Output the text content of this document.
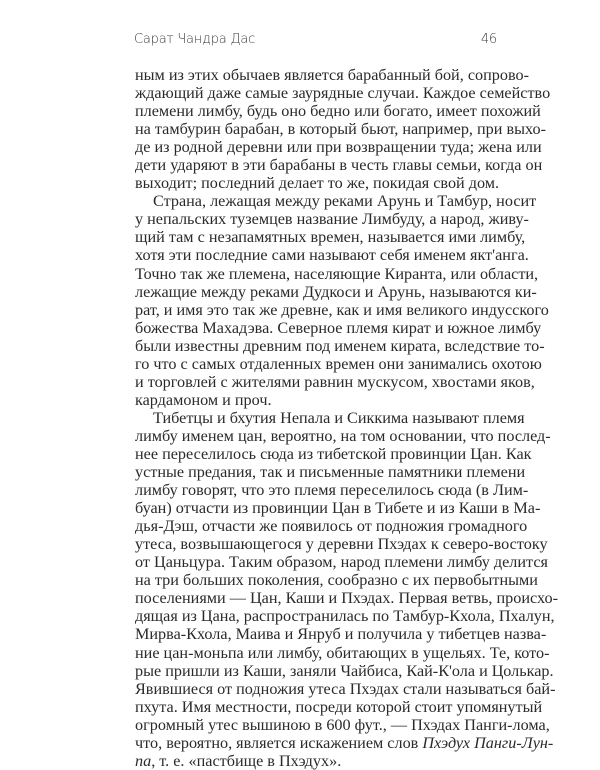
Сарат Чандра Дас	46
ным из этих обычаев является барабанный бой, сопрово-
ждающий даже самые заурядные случаи. Каждое семейство
племени лимбу, будь оно бедно или богато, имеет похожий
на тамбурин барабан, в который бьют, например, при выхо-
де из родной деревни или при возвращении туда; жена или
дети ударяют в эти барабаны в честь главы семьи, когда он
выходит; последний делает то же, покидая свой дом.
Страна, лежащая между реками Арунь и Тамбур, носит
у непальских туземцев название Лимбуду, а народ, живу-
щий там с незапамятных времен, называется ими лимбу,
хотя эти последние сами называют себя именем якт'анга.
Точно так же племена, населяющие Киранта, или области,
лежащие между реками Дудкоси и Арунь, называются ки-
рат, и имя это так же древне, как и имя великого индусского
божества Махадэва. Северное племя кират и южное лимбу
были известны древним под именем кирата, вследствие то-
го что с самых отдаленных времен они занимались охотою
и торговлей с жителями равнин мускусом, хвостами яков,
кардамоном и проч.
Тибетцы и бхутия Непала и Сиккима называют племя
лимбу именем цан, вероятно, на том основании, что послед-
нее переселилось сюда из тибетской провинции Цан. Как
устные предания, так и письменные памятники племени
лимбу говорят, что это племя переселилось сюда (в Лим-
буан) отчасти из провинции Цан в Тибете и из Каши в Ма-
дья-Дэш, отчасти же появилось от подножия громадного
утеса, возвышающегося у деревни Пхэдах к северо-востоку
от Цаньцура. Таким образом, народ племени лимбу делится
на три больших поколения, сообразно с их первобытными
поселениями — Цан, Каши и Пхэдах. Первая ветвь, происхо-
дящая из Цана, распространилась по Тамбур-Кхола, Пхалун,
Мирва-Кхола, Маива и Янруб и получила у тибетцев назва-
ние цан-моньпа или лимбу, обитающих в ущельях. Те, кото-
рые пришли из Каши, заняли Чайбиса, Кай-К'ола и Цолькар.
Явившиеся от подножия утеса Пхэдах стали называться бай-
пхута. Имя местности, посреди которой стоит упомянутый
огромный утес вышиною в 600 фут., — Пхэдах Панги-лома,
что, вероятно, является искажением слов Пхэдух Панги-Лун-
па, т. е. «пастбище в Пхэдух».
